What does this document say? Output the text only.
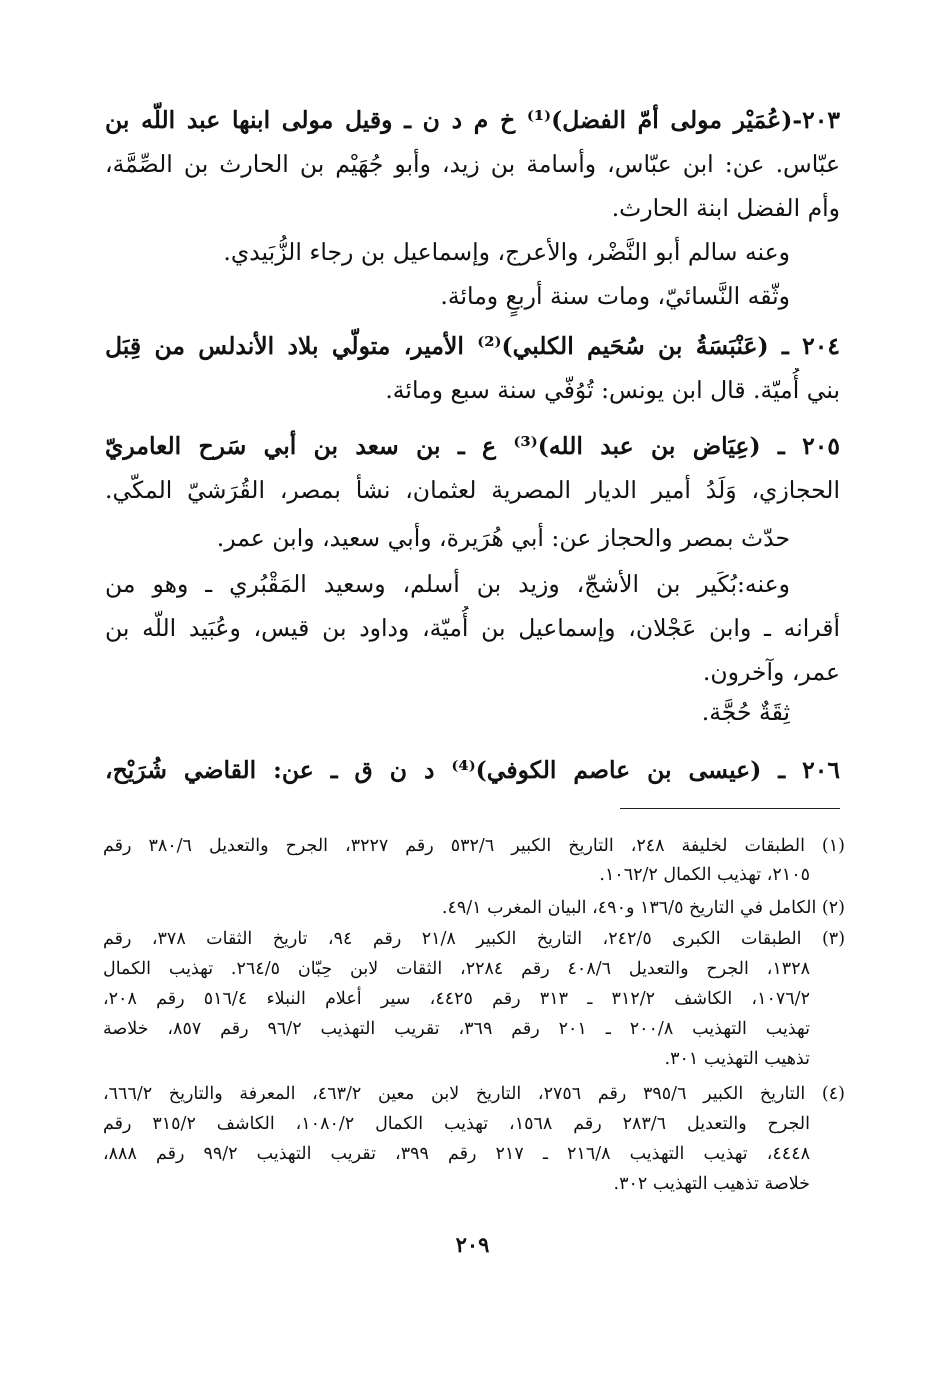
٢٠٣-(عُمَيْر مولى أمّ الفضل)⁽¹⁾ خ م د ن ـ وقيل مولى ابنها عبد اللّه بن
عبّاس. عن: ابن عبّاس، وأسامة بن زيد، وأبو جُهَيْم بن الحارث بن الصِّمَّة،
وأم الفضل ابنة الحارث.
وعنه سالم أبو النَّضْر، والأعرج، وإسماعيل بن رجاء الزُّبَيدي.
وثّقه النَّسائيّ، ومات سنة أربعٍ ومائة.
٢٠٤ ـ (عَنْبَسَةُ بن سُحَيم الكلبي)⁽²⁾ الأمير، متولّي بلاد الأندلس من قِبَل
بني أُميّة. قال ابن يونس: تُوُفّي سنة سبع ومائة.
٢٠٥ ـ (عِيَاض بن عبد الله)⁽³⁾ ع ـ بن سعد بن أبي سَرح العامريّ
الحجازي، وَلَدُ أمير الديار المصرية لعثمان، نشأ بمصر، القُرَشيّ المكّي.
حدّث بمصر والحجاز عن: أبي هُرَيرة، وأبي سعيد، وابن عمر.
وعنه:بُكَير بن الأشجّ، وزيد بن أسلم، وسعيد المَقْبُري ـ وهو من
أقرانه ـ وابن عَجْلان، وإسماعيل بن أُميّة، وداود بن قيس، وعُبَيد اللّه بن
عمر، وآخرون.
ثِقَةٌ حُجَّة.
٢٠٦ ـ (عيسى بن عاصم الكوفي)⁽⁴⁾ د ن ق ـ عن: القاضي شُرَيْح،
(١) الطبقات لخليفة ٢٤٨، التاريخ الكبير ٥٣٢/٦ رقم ٣٢٢٧، الجرح والتعديل ٣٨٠/٦ رقم
٢١٠٥، تهذيب الكمال ١٠٦٢/٢.
(٢) الكامل في التاريخ ١٣٦/٥ و٤٩٠، البيان المغرب ٤٩/١.
(٣) الطبقات الكبرى ٢٤٢/٥، التاريخ الكبير ٢١/٨ رقم ٩٤، تاريخ الثقات ٣٧٨، رقم
١٣٢٨، الجرح والتعديل ٤٠٨/٦ رقم ٢٢٨٤، الثقات لابن حِبّان ٢٦٤/٥. تهذيب الكمال
١٠٧٦/٢، الكاشف ٣١٢/٢ ـ ٣١٣ رقم ٤٤٢٥، سير أعلام النبلاء ٥١٦/٤ رقم ٢٠٨،
تهذيب التهذيب ٢٠٠/٨ ـ ٢٠١ رقم ٣٦٩، تقريب التهذيب ٩٦/٢ رقم ٨٥٧، خلاصة
تذهيب التهذيب ٣٠١.
(٤) التاريخ الكبير ٣٩٥/٦ رقم ٢٧٥٦، التاريخ لابن معين ٤٦٣/٢، المعرفة والتاريخ ٦٦٦/٢،
الجرح والتعديل ٢٨٣/٦ رقم ١٥٦٨، تهذيب الكمال ١٠٨٠/٢، الكاشف ٣١٥/٢ رقم
٤٤٤٨، تهذيب التهذيب ٢١٦/٨ ـ ٢١٧ رقم ٣٩٩، تقريب التهذيب ٩٩/٢ رقم ٨٨٨،
خلاصة تذهيب التهذيب ٣٠٢.
٢٠٩
